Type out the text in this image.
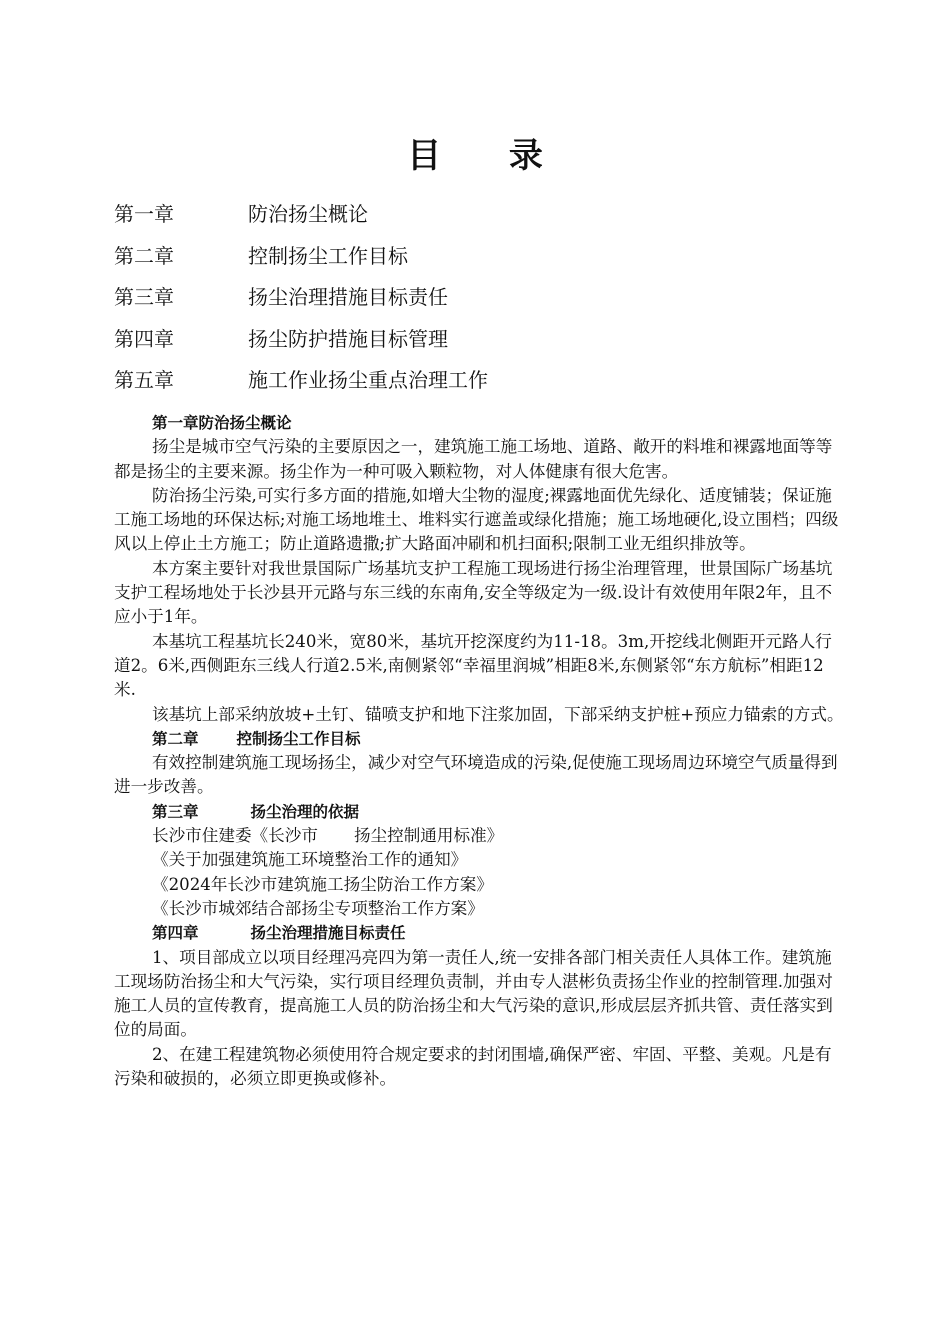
目 录
第一章	防治扬尘概论
第二章	控制扬尘工作目标
第三章	扬尘治理措施目标责任
第四章	扬尘防护措施目标管理
第五章	施工作业扬尘重点治理工作

第一章防治扬尘概论

扬尘是城市空气污染的主要原因之一，建筑施工施工场地、道路、敞开的料堆和裸露地面等等都是扬尘的主要来源。扬尘作为一种可吸入颗粒物，对人体健康有很大危害。

防治扬尘污染,可实行多方面的措施,如增大尘物的湿度;裸露地面优先绿化、适度铺装；保证施工施工场地的环保达标;对施工场地堆土、堆料实行遮盖或绿化措施；施工场地硬化,设立围档；四级风以上停止土方施工；防止道路遗撒;扩大路面冲刷和机扫面积;限制工业无组织排放等。

本方案主要针对我世景国际广场基坑支护工程施工现场进行扬尘治理管理，世景国际广场基坑支护工程场地处于长沙县开元路与东三线的东南角,安全等级定为一级.设计有效使用年限2年，且不应小于1年。

本基坑工程基坑长240米，宽80米，基坑开挖深度约为11-18。3m,开挖线北侧距开元路人行道2。6米,西侧距东三线人行道2.5米,南侧紧邻“幸福里润城”相距8米,东侧紧邻“东方航标”相距12米.

该基坑上部采纳放坡+土钉、锚喷支护和地下注浆加固，下部采纳支护桩+预应力锚索的方式。

第二章 控制扬尘工作目标

有效控制建筑施工现场扬尘，减少对空气环境造成的污染,促使施工现场周边环境空气质量得到进一步改善。

第三章	扬尘治理的依据

长沙市住建委《长沙市 扬尘控制通用标准》

《关于加强建筑施工环境整治工作的通知》

《2024年长沙市建筑施工扬尘防治工作方案》

《长沙市城郊结合部扬尘专项整治工作方案》

第四章	扬尘治理措施目标责任

1、项目部成立以项目经理冯亮四为第一责任人,统一安排各部门相关责任人具体工作。建筑施工现场防治扬尘和大气污染，实行项目经理负责制，并由专人湛彬负责扬尘作业的控制管理.加强对施工人员的宣传教育，提高施工人员的防治扬尘和大气污染的意识,形成层层齐抓共管、责任落实到位的局面。

2、在建工程建筑物必须使用符合规定要求的封闭围墙,确保严密、牢固、平整、美观。凡是有污染和破损的，必须立即更换或修补。
